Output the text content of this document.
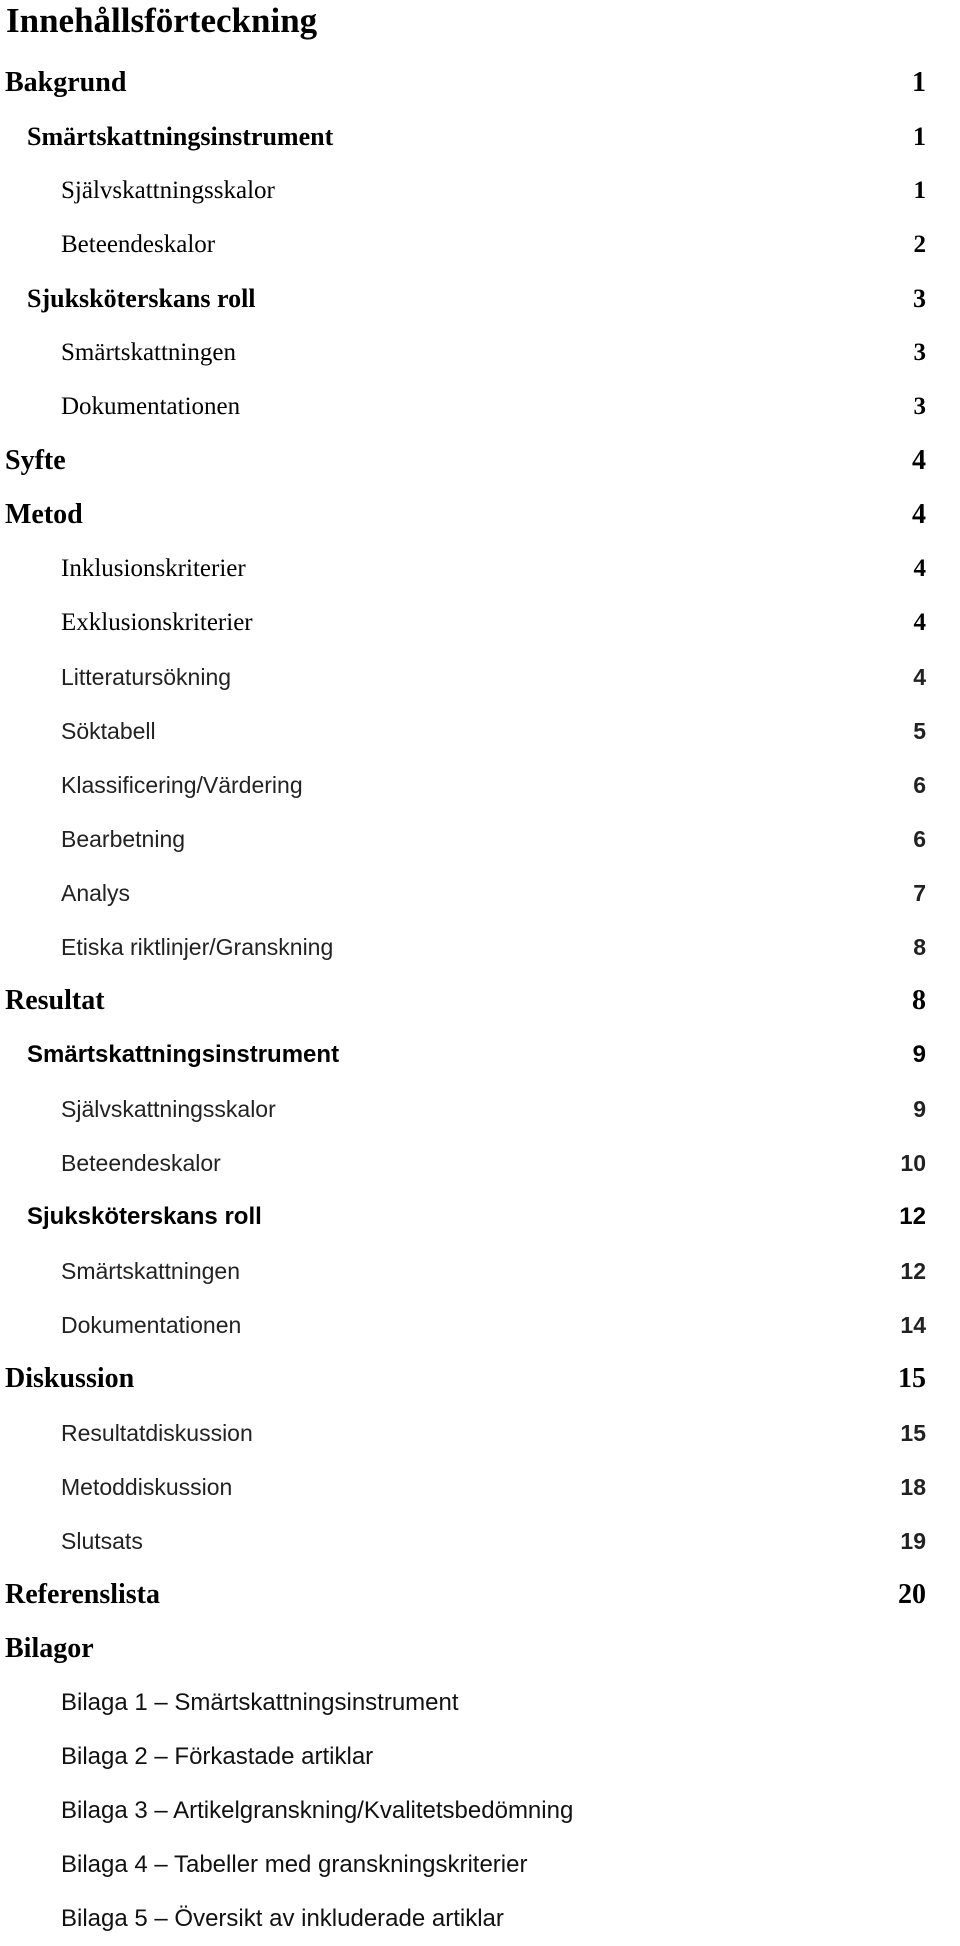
Innehållsförteckning
Bakgrund	1
Smärtskattningsinstrument	1
Självskattningsskalor	1
Beteendeskalor	2
Sjuksköterskans roll	3
Smärtskattningen	3
Dokumentationen	3
Syfte	4
Metod	4
Inklusionskriterier	4
Exklusionskriterier	4
Litteratursökning	4
Söktabell	5
Klassificering/Värdering	6
Bearbetning	6
Analys	7
Etiska riktlinjer/Granskning	8
Resultat	8
Smärtskattningsinstrument	9
Självskattningsskalor	9
Beteendeskalor	10
Sjuksköterskans roll	12
Smärtskattningen	12
Dokumentationen	14
Diskussion	15
Resultatdiskussion	15
Metoddiskussion	18
Slutsats	19
Referenslista	20
Bilagor
Bilaga 1 – Smärtskattningsinstrument
Bilaga 2 – Förkastade artiklar
Bilaga 3 – Artikelgranskning/Kvalitetsbedömning
Bilaga 4 – Tabeller med granskningskriterier
Bilaga 5 – Översikt av inkluderade artiklar
